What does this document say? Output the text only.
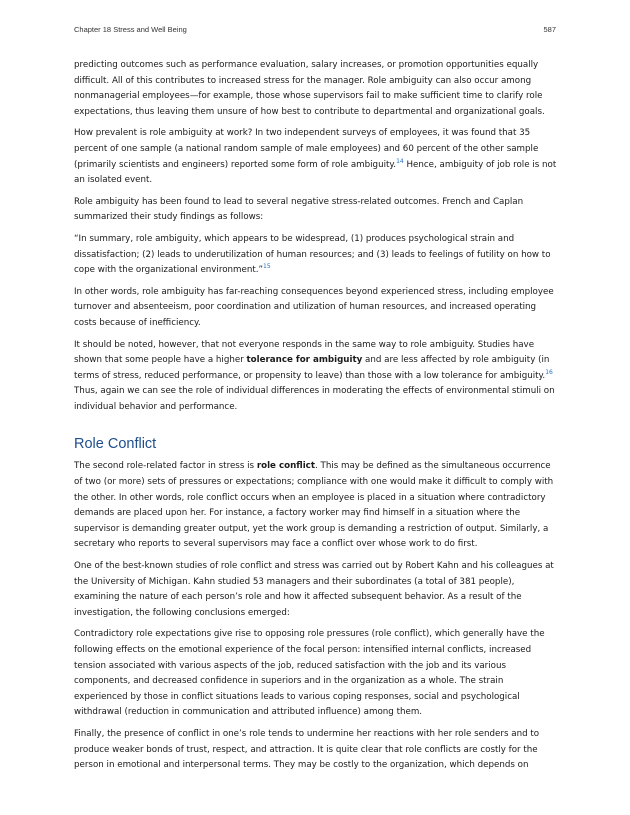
Chapter 18 Stress and Well Being	587

predicting outcomes such as performance evaluation, salary increases, or promotion opportunities equally difficult. All of this contributes to increased stress for the manager. Role ambiguity can also occur among nonmanagerial employees—for example, those whose supervisors fail to make sufficient time to clarify role expectations, thus leaving them unsure of how best to contribute to departmental and organizational goals.

How prevalent is role ambiguity at work? In two independent surveys of employees, it was found that 35 percent of one sample (a national random sample of male employees) and 60 percent of the other sample (primarily scientists and engineers) reported some form of role ambiguity.$^{14}$ Hence, ambiguity of job role is not an isolated event.

Role ambiguity has been found to lead to several negative stress-related outcomes. French and Caplan summarized their study findings as follows:

“In summary, role ambiguity, which appears to be widespread, (1) produces psychological strain and dissatisfaction; (2) leads to underutilization of human resources; and (3) leads to feelings of futility on how to cope with the organizational environment.”$^{15}$

In other words, role ambiguity has far-reaching consequences beyond experienced stress, including employee turnover and absenteeism, poor coordination and utilization of human resources, and increased operating costs because of inefficiency.

It should be noted, however, that not everyone responds in the same way to role ambiguity. Studies have shown that some people have a higher tolerance for ambiguity and are less affected by role ambiguity (in terms of stress, reduced performance, or propensity to leave) than those with a low tolerance for ambiguity.$^{16}$ Thus, again we can see the role of individual differences in moderating the effects of environmental stimuli on individual behavior and performance.

Role Conflict

The second role-related factor in stress is role conflict. This may be defined as the simultaneous occurrence of two (or more) sets of pressures or expectations; compliance with one would make it difficult to comply with the other. In other words, role conflict occurs when an employee is placed in a situation where contradictory demands are placed upon her. For instance, a factory worker may find himself in a situation where the supervisor is demanding greater output, yet the work group is demanding a restriction of output. Similarly, a secretary who reports to several supervisors may face a conflict over whose work to do first.

One of the best-known studies of role conflict and stress was carried out by Robert Kahn and his colleagues at the University of Michigan. Kahn studied 53 managers and their subordinates (a total of 381 people), examining the nature of each person’s role and how it affected subsequent behavior. As a result of the investigation, the following conclusions emerged:

Contradictory role expectations give rise to opposing role pressures (role conflict), which generally have the following effects on the emotional experience of the focal person: intensified internal conflicts, increased tension associated with various aspects of the job, reduced satisfaction with the job and its various components, and decreased confidence in superiors and in the organization as a whole. The strain experienced by those in conflict situations leads to various coping responses, social and psychological withdrawal (reduction in communication and attributed influence) among them.

Finally, the presence of conflict in one’s role tends to undermine her reactions with her role senders and to produce weaker bonds of trust, respect, and attraction. It is quite clear that role conflicts are costly for the person in emotional and interpersonal terms. They may be costly to the organization, which depends on
